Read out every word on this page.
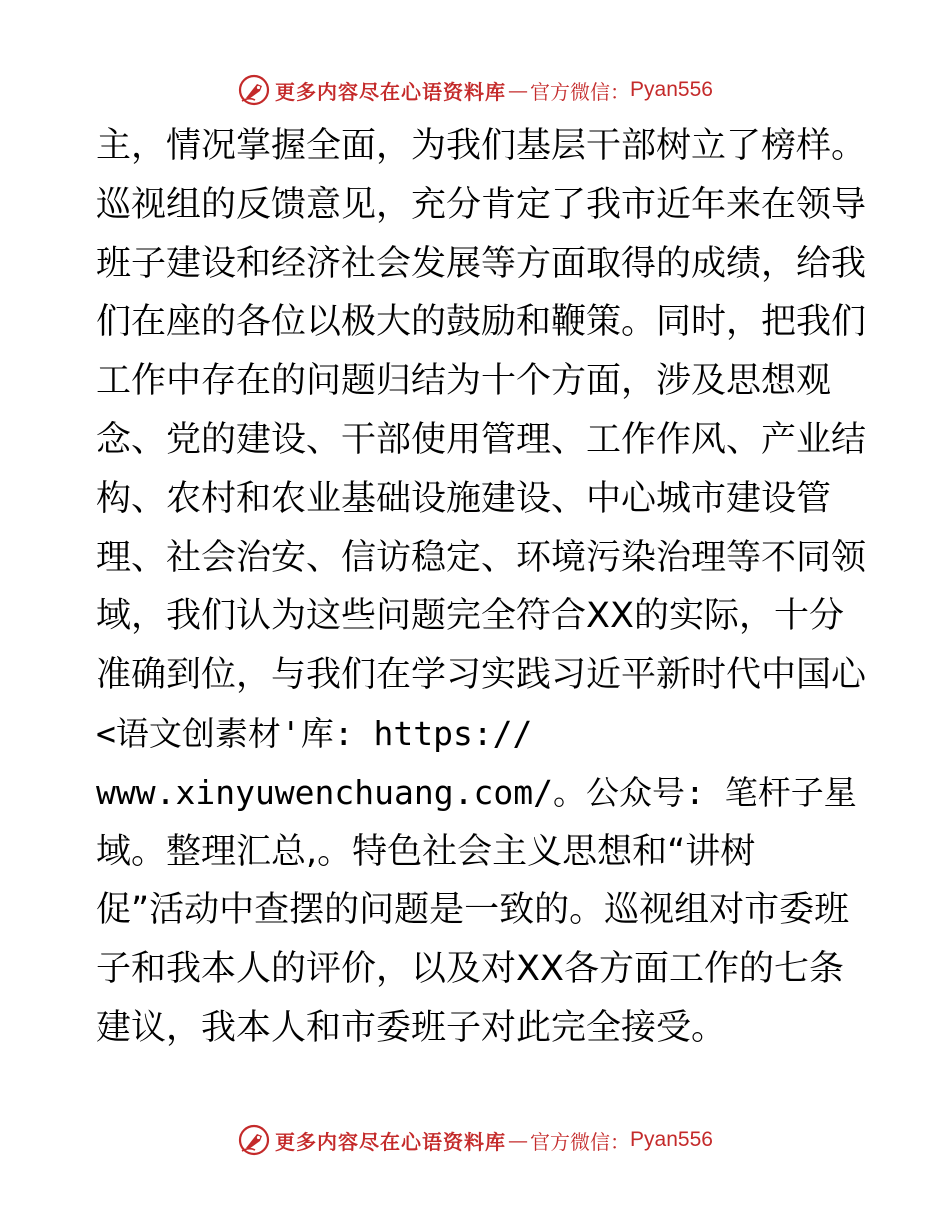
更多内容尽在心语资料库 — 官方微信： Pyan556
主，情况掌握全面，为我们基层干部树立了榜样。
巡视组的反馈意见，充分肯定了我市近年来在领导
班子建设和经济社会发展等方面取得的成绩，给我
们在座的各位以极大的鼓励和鞭策。同时，把我们
工作中存在的问题归结为十个方面，涉及思想观
念、党的建设、干部使用管理、工作作风、产业结
构、农村和农业基础设施建设、中心城市建设管
理、社会治安、信访稳定、环境污染治理等不同领
域，我们认为这些问题完全符合XX的实际，十分
准确到位，与我们在学习实践习近平新时代中国心
<语文创素材'库: https://
www.xinyuwenchuang.com/。公众号: 笔杆子星
域。整理汇总,。特色社会主义思想和“讲树
促”活动中查摆的问题是一致的。巡视组对市委班
子和我本人的评价，以及对XX各方面工作的七条
建议，我本人和市委班子对此完全接受。
更多内容尽在心语资料库 — 官方微信： Pyan556
